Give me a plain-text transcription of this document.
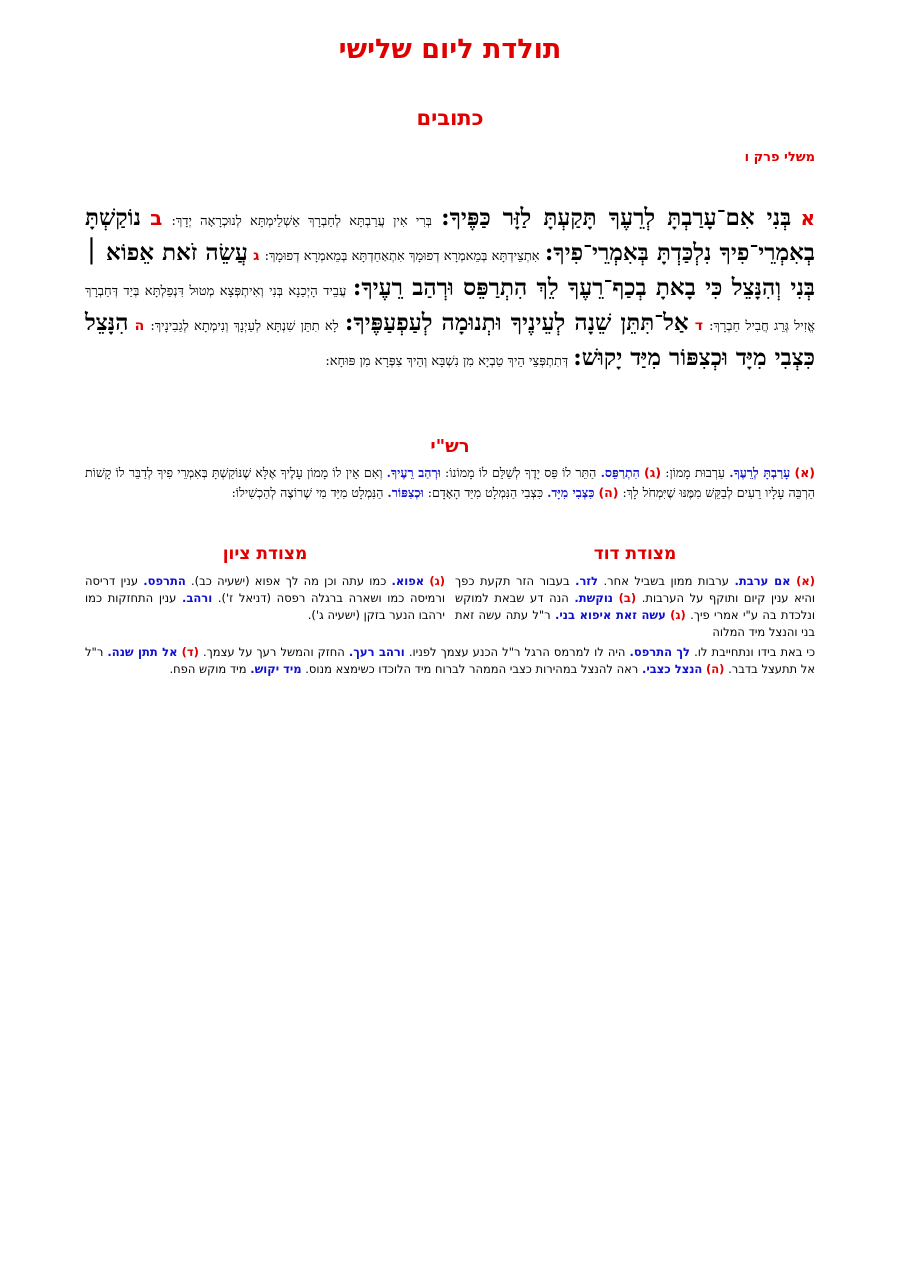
תולדת ליום שלישי
כתובים
משלי פרק ו
א בְּנִי אִם־עָרַבְתָּ לְרֵעֶךָ תָּקַעְתָּ לַזָּר כַּפֶּיךָ: בְּרִי אִין עֲרַבְתָּא לְחַבְרָךְ אַשְׁלֵימְתָּא לְנוּכְרָאָה יְדָךְ: ב נוֹקַשְׁתָּ בְאִמְרֵי־פִיךָ נִלְכַּדְתָּ בְּאִמְרֵי־פִיךָ: אִתְצֵידְתָּא בְּמֵאמְרָא דְפוּמָךְ אִתְאַחַדְתָּא בְּמֵאמְרָא דְפוּמָךְ: ג עֲשֵׂה זֹאת אֵפוֹא ׀ בְּנִי וְהִנָּצֵל כִּי בָאתָ בְכַף־רֵעֶךָ לֵךְ הִתְרַפֵּס וּרְהַב רֵעֶיךָ: עֲבֵיד הָיְכַנָא בְּנִי וְאִיתְפְּצָא מְטוּל דִּנְפַלְתָּא בְּיַד דְּחַבְרָךְ אֱזִיל גְּרֵג חֲבִיל חַבְרָךְ: ד אַל־תִּתֵּן שֵׁנָה לְעֵינֶיךָ וּתְנוּמָה לְעַפְעַפֶּיךָ: לָא תִתֵּן שִׁנְתָּא לְעַיְנָךְ וְנִימְתָא לְגַבִינָיךְ: ה הִנָּצֵל כִּצְבִי מִיָּד וּכְצִפּוֹר מִיַּד יָקוּשׁ: דְּתִתְפְּצֵי הֵיךְ טַבְיָא מִן נִשְׁבָּא וְהֵיךְ צִפְּרָא מִן פּוּחָא:
רש"י
(א) עָרַבְתָּ לְרֵעֶךָ. עַרְבוּת מָמוֹן: (ג) הִתְרַפֵּס. הַתֵּר לוֹ פַּס יָדֶךָ לְשַׁלֵּם לוֹ מָמוֹנוֹ: וּרְהַב רֵעֶיךָ. וְאִם אֵין לוֹ מָמוֹן עָלֶיךָ אֶלָּא שֶׁנּוֹקַשְׁתָּ בְּאִמְרֵי פִיךָ לְדַבֵּר לוֹ קָשׁוֹת הַרְבֵּה עָלָיו רֵעִים לְבַקֵּשׁ מִמֶּנּוּ שֶׁיִּמְחֹל לָךְ: (ה) כִּצְבִי מִיָּד. כִּצְבִי הַנִּמְלָט מִיַּד הָאָדָם: וּכְצִפּוֹר. הַנִּמְלָט מִיַּד מִי שֶׁרוֹצֶה לְהַכְשִׁילוֹ:
מצודת דוד
מצודת ציון
(א) אם ערבת. ערבות ממון בשביל אחר. לזר. בעבור הזר תקעת כפך והיא ענין קיום ותוקף על הערבות. (ב) נוקשת. הנה דע שבאת למוקש ונלכדת בה ע"י אמרי פיך. (ג) עשה זאת איפוא בני. ר"ל עתה עשה זאת בני והנצל מיד המלוה
(ג) אפוא. כמו עתה וכן מה לך אפוא (ישעיה כב). התרפס. ענין דריסה ורמיסה כמו ושארה ברגלה רפסה (דניאל ז'). ורהב. ענין התחזקות כמו ירהבו הנער בזקן (ישעיה ג').
כי באת בידו ונתחייבת לו. לך התרפס. היה לו למרמס הרגל ר"ל הכנע עצמך לפניו. ורהב רעך. החזק והמשל רעך על עצמך. (ד) אל תתן שנה. ר"ל אל תתעצל בדבר. (ה) הנצל כצבי. ראה להנצל במהירות כצבי הממהר לברוח מיד הלוכדו כשימצא מנוס. מיד יקוש. מיד מוקש הפח.
